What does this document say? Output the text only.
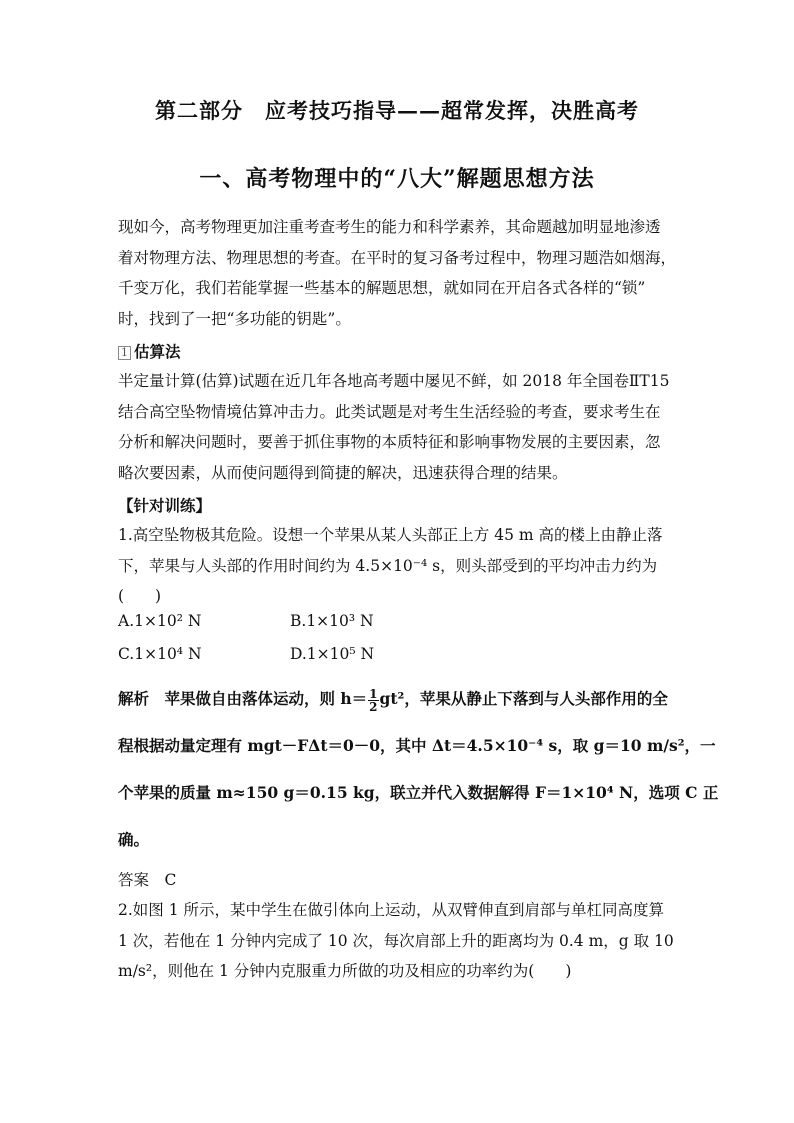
第二部分　应考技巧指导——超常发挥，决胜高考
一、高考物理中的“八大”解题思想方法
现如今，高考物理更加注重考查考生的能力和科学素养，其命题越加明显地渗透
着对物理方法、物理思想的考查。在平时的复习备考过程中，物理习题浩如烟海，
千变万化，我们若能掌握一些基本的解题思想，就如同在开启各式各样的“锁”
时，找到了一把“多功能的钥匙”。
1 估算法
半定量计算(估算)试题在近几年各地高考题中屡见不鲜，如 2018 年全国卷ⅡT15
结合高空坠物情境估算冲击力。此类试题是对考生生活经验的考查，要求考生在
分析和解决问题时，要善于抓住事物的本质特征和影响事物发展的主要因素，忽
略次要因素，从而使问题得到简捷的解决，迅速获得合理的结果。
【针对训练】
1.高空坠物极其危险。设想一个苹果从某人头部正上方 45 m 高的楼上由静止落
下，苹果与人头部的作用时间约为 4.5×10⁻⁴ s，则头部受到的平均冲击力约为
(　　)
A.1×10² N	B.1×10³ N
C.1×10⁴ N	D.1×10⁵ N
解析　苹果做自由落体运动，则 $h= \frac{1}{2} gt^2$，苹果从静止下落到与人头部作用的全
程根据动量定理有 mgt－FΔt＝0－0，其中 Δt＝4.5×10⁻⁴ s，取 g＝10 m/s²，一
个苹果的质量 m≈150 g＝0.15 kg，联立并代入数据解得 F＝1×10⁴ N，选项 C 正
确。
答案　C
2.如图 1 所示，某中学生在做引体向上运动，从双臂伸直到肩部与单杠同高度算
1 次，若他在 1 分钟内完成了 10 次，每次肩部上升的距离均为 0.4 m，g 取 10
m/s²，则他在 1 分钟内克服重力所做的功及相应的功率约为(　　)
